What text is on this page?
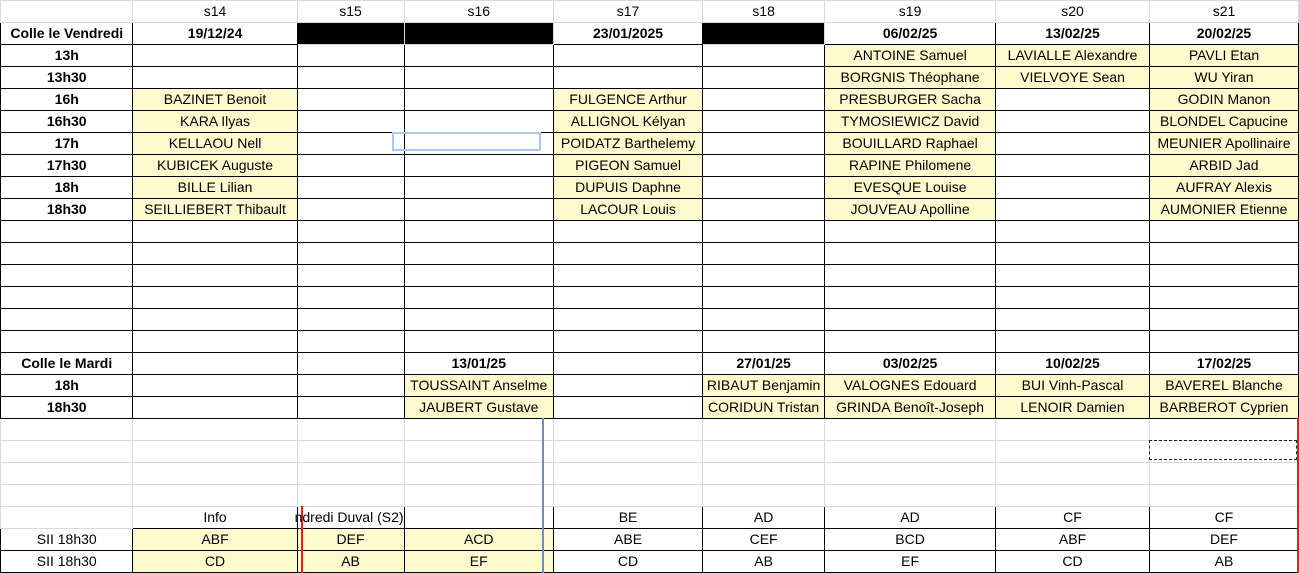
	s14	s15	s16	s17	s18	s19	s20	s21
Colle le Vendredi	19/12/24			23/01/2025		06/02/25	13/02/25	20/02/25
13h						ANTOINE Samuel	LAVIALLE Alexandre	PAVLI Etan
13h30						BORGNIS Théophane	VIELVOYE Sean	WU Yiran
16h	BAZINET Benoit			FULGENCE Arthur		PRESBURGER Sacha		GODIN Manon
16h30	KARA Ilyas			ALLIGNOL Kélyan		TYMOSIEWICZ David		BLONDEL Capucine
17h	KELLAOU Nell			POIDATZ Barthelemy		BOUILLARD Raphael		MEUNIER Apollinaire
17h30	KUBICEK Auguste			PIGEON Samuel		RAPINE Philomene		ARBID Jad
18h	BILLE Lilian			DUPUIS Daphne		EVESQUE Louise		AUFRAY Alexis
18h30	SEILLIEBERT Thibault			LACOUR Louis		JOUVEAU Apolline		AUMONIER Etienne

Colle le Mardi			13/01/25		27/01/25	03/02/25	10/02/25	17/02/25
18h			TOUSSAINT Anselme		RIBAUT Benjamin	VALOGNES Edouard	BUI Vinh-Pascal	BAVEREL Blanche
18h30			JAUBERT Gustave		CORIDUN Tristan	GRINDA Benoît-Joseph	LENOIR Damien	BARBEROT Cyprien

	Info	ndredi Duval (S2)		BE	AD	AD	CF	CF
SII 18h30	ABF	DEF	ACD	ABE	CEF	BCD	ABF	DEF
SII 18h30	CD	AB	EF	CD	AB	EF	CD	AB
